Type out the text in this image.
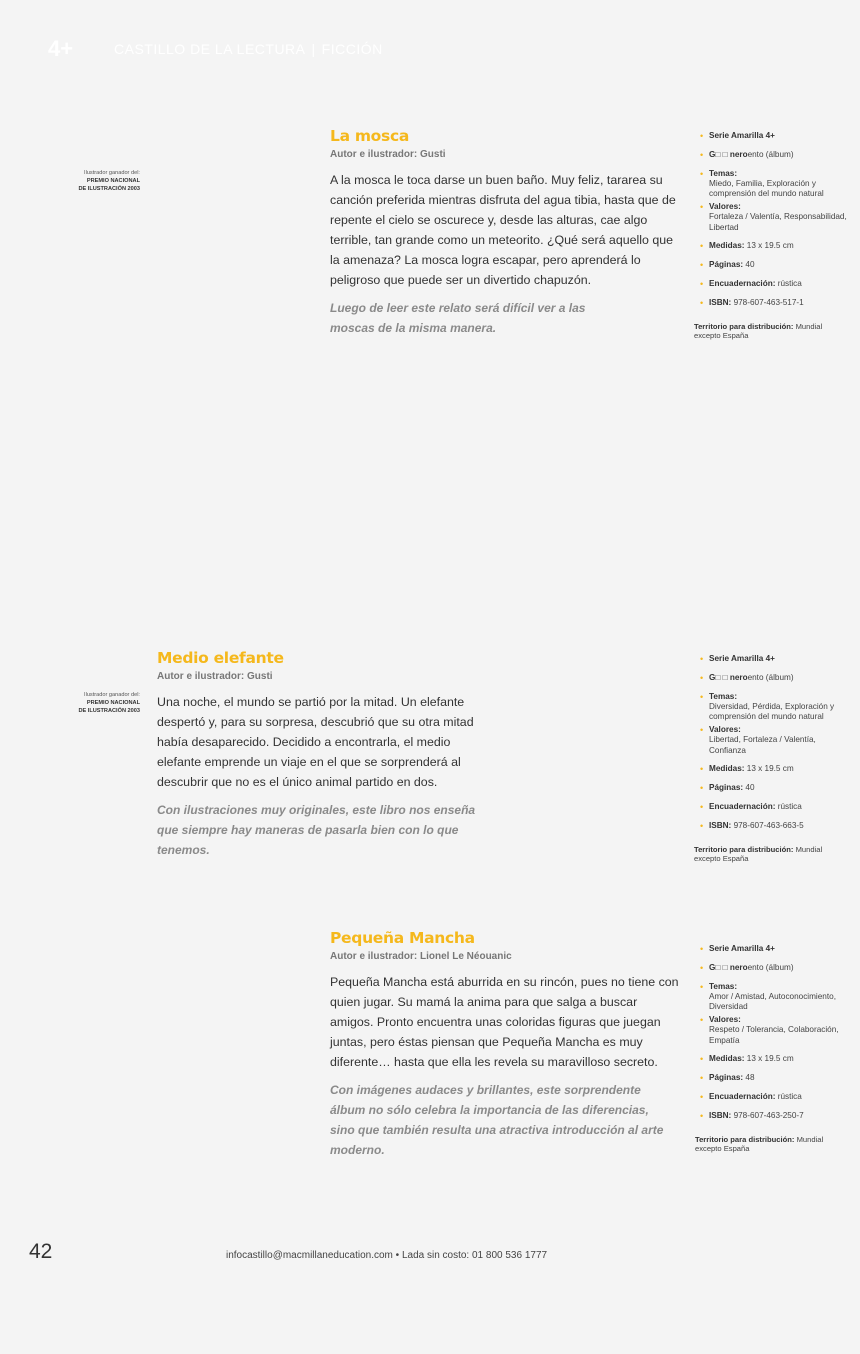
4+	CASTILLO DE LA LECTURA | FICCIÓN
Ilustrador ganador del:
PREMIO NACIONAL
DE ILUSTRACIÓN 2003
La mosca
Autor e ilustrador: Gusti
A la mosca le toca darse un buen baño. Muy feliz, tararea su canción preferida mientras disfruta del agua tibia, hasta que de repente el cielo se oscurece y, desde las alturas, cae algo terrible, tan grande como un meteorito. ¿Qué será aquello que la amenaza? La mosca logra escapar, pero aprenderá lo peligroso que puede ser un divertido chapuzón.
Luego de leer este relato será difícil ver a las moscas de la misma manera.
• Serie Amarilla 4+
• G□ □ neroento (álbum)
• Temas:
Miedo, Familia, Exploración y comprensión del mundo natural
• Valores:
Fortaleza / Valentía, Responsabilidad, Libertad
• Medidas: 13 x 19.5 cm
• Páginas: 40
• Encuadernación: rústica
• ISBN: 978-607-463-517-1
Territorio para distribución: Mundial excepto España
Ilustrador ganador del:
PREMIO NACIONAL
DE ILUSTRACIÓN 2003
Medio elefante
Autor e ilustrador: Gusti
Una noche, el mundo se partió por la mitad. Un elefante despertó y, para su sorpresa, descubrió que su otra mitad había desaparecido. Decidido a encontrarla, el medio elefante emprende un viaje en el que se sorprenderá al descubrir que no es el único animal partido en dos.
Con ilustraciones muy originales, este libro nos enseña que siempre hay maneras de pasarla bien con lo que tenemos.
• Serie Amarilla 4+
• G□ □ neroento (álbum)
• Temas:
Diversidad, Pérdida, Exploración y comprensión del mundo natural
• Valores:
Libertad, Fortaleza / Valentía, Confianza
• Medidas: 13 x 19.5 cm
• Páginas: 40
• Encuadernación: rústica
• ISBN: 978-607-463-663-5
Territorio para distribución: Mundial excepto España
Pequeña Mancha
Autor e ilustrador: Lionel Le Néouanic
Pequeña Mancha está aburrida en su rincón, pues no tiene con quien jugar. Su mamá la anima para que salga a buscar amigos. Pronto encuentra unas coloridas figuras que juegan juntas, pero éstas piensan que Pequeña Mancha es muy diferente… hasta que ella les revela su maravilloso secreto.
Con imágenes audaces y brillantes, este sorprendente álbum no sólo celebra la importancia de las diferencias, sino que también resulta una atractiva introducción al arte moderno.
• Serie Amarilla 4+
• G□ □ neroento (álbum)
• Temas:
Amor / Amistad, Autoconocimiento, Diversidad
• Valores:
Respeto / Tolerancia, Colaboración, Empatía
• Medidas: 13 x 19.5 cm
• Páginas: 48
• Encuadernación: rústica
• ISBN: 978-607-463-250-7
Territorio para distribución: Mundial excepto España
42	infocastillo@macmillaneducation.com • Lada sin costo: 01 800 536 1777
